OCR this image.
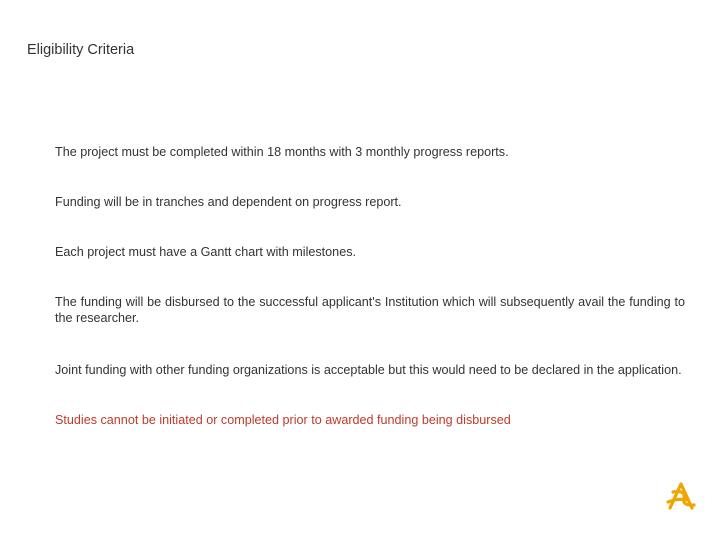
Eligibility Criteria
The project must be completed within 18 months with 3 monthly progress reports.
Funding will be in tranches and dependent on progress report.
Each project must have a Gantt chart with milestones.
The funding will be disbursed to the successful applicant's Institution which will subsequently avail the funding to the researcher.
Joint funding with other funding organizations is acceptable but this would need to be declared in the application.
Studies cannot be initiated or completed prior to awarded funding being disbursed
